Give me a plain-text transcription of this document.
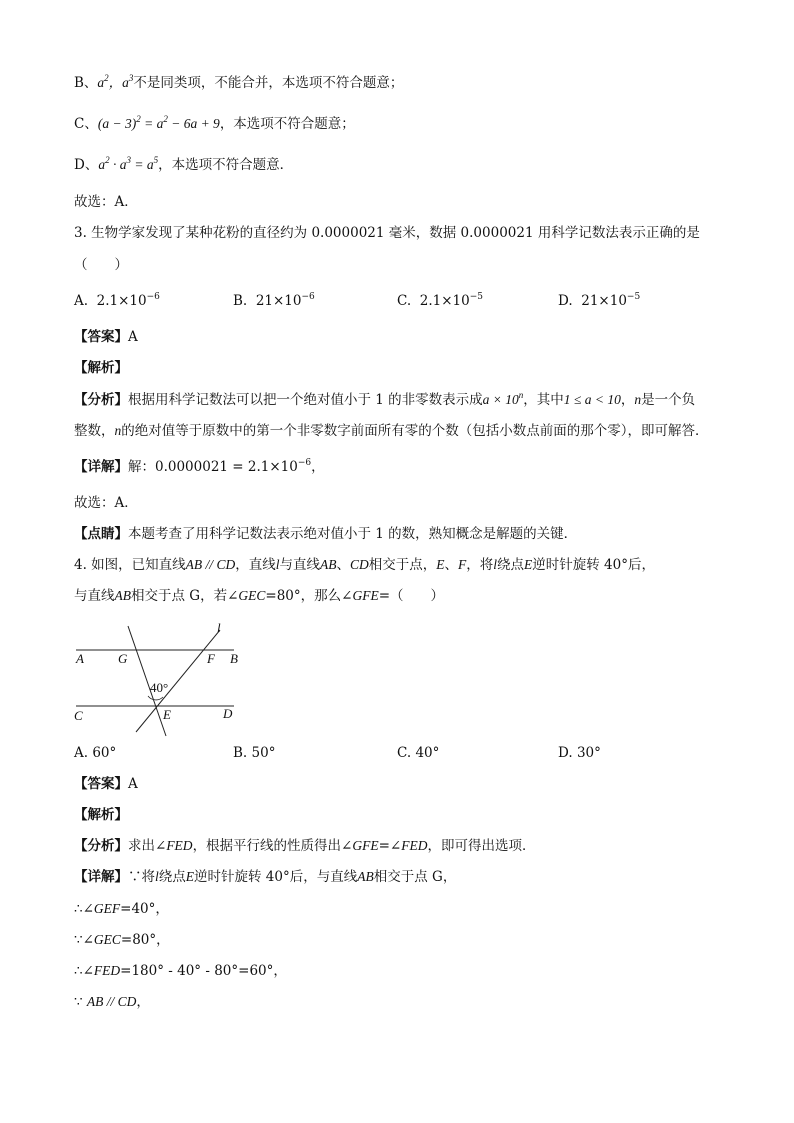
B、$a^2$，$a^3$不是同类项，不能合并，本选项不符合题意；
C、$(a - 3)^2 = a^2 - 6a + 9$，本选项不符合题意；
D、$a^2 \cdot a^3 = a^5$，本选项不符合题意．
故选：A．
3. 生物学家发现了某种花粉的直径约为 0.0000021 毫米，数据 0.0000021 用科学记数法表示正确的是
（　　）
A. $2.1\times 10^{-6}$	B. $21\times 10^{-6}$	C. $2.1\times 10^{-5}$	D. $21\times 10^{-5}$
【答案】A
【解析】
【分析】根据用科学记数法可以把一个绝对值小于 1 的非零数表示成$a \times 10^n$，其中1 ≤ a < 10，n是一个负
整数，n的绝对值等于原数中的第一个非零数字前面所有零的个数（包括小数点前面的那个零），即可解答．
【详解】解：$0.0000021 = 2.1\times 10^{-6}$，
故选：A．
【点睛】本题考查了用科学记数法表示绝对值小于 1 的数，熟知概念是解题的关键．
4. 如图，已知直线AB // CD，直线l与直线AB、CD相交于点，E、F，将l绕点E逆时针旋转 40°后，
与直线AB相交于点 G，若∠GEC=80°，那么∠GFE=（　　）
A	G	F B
l
40°
C	E	D
A. 60°	B. 50°	C. 40°	D. 30°
【答案】A
【解析】
【分析】求出∠FED，根据平行线的性质得出∠GFE=∠FED，即可得出选项．
【详解】∵将l绕点E逆时针旋转 40°后，与直线AB相交于点 G，
∴∠GEF=40°，
∵∠GEC=80°，
∴∠FED=180° - 40° - 80°=60°，
∵ AB // CD，
